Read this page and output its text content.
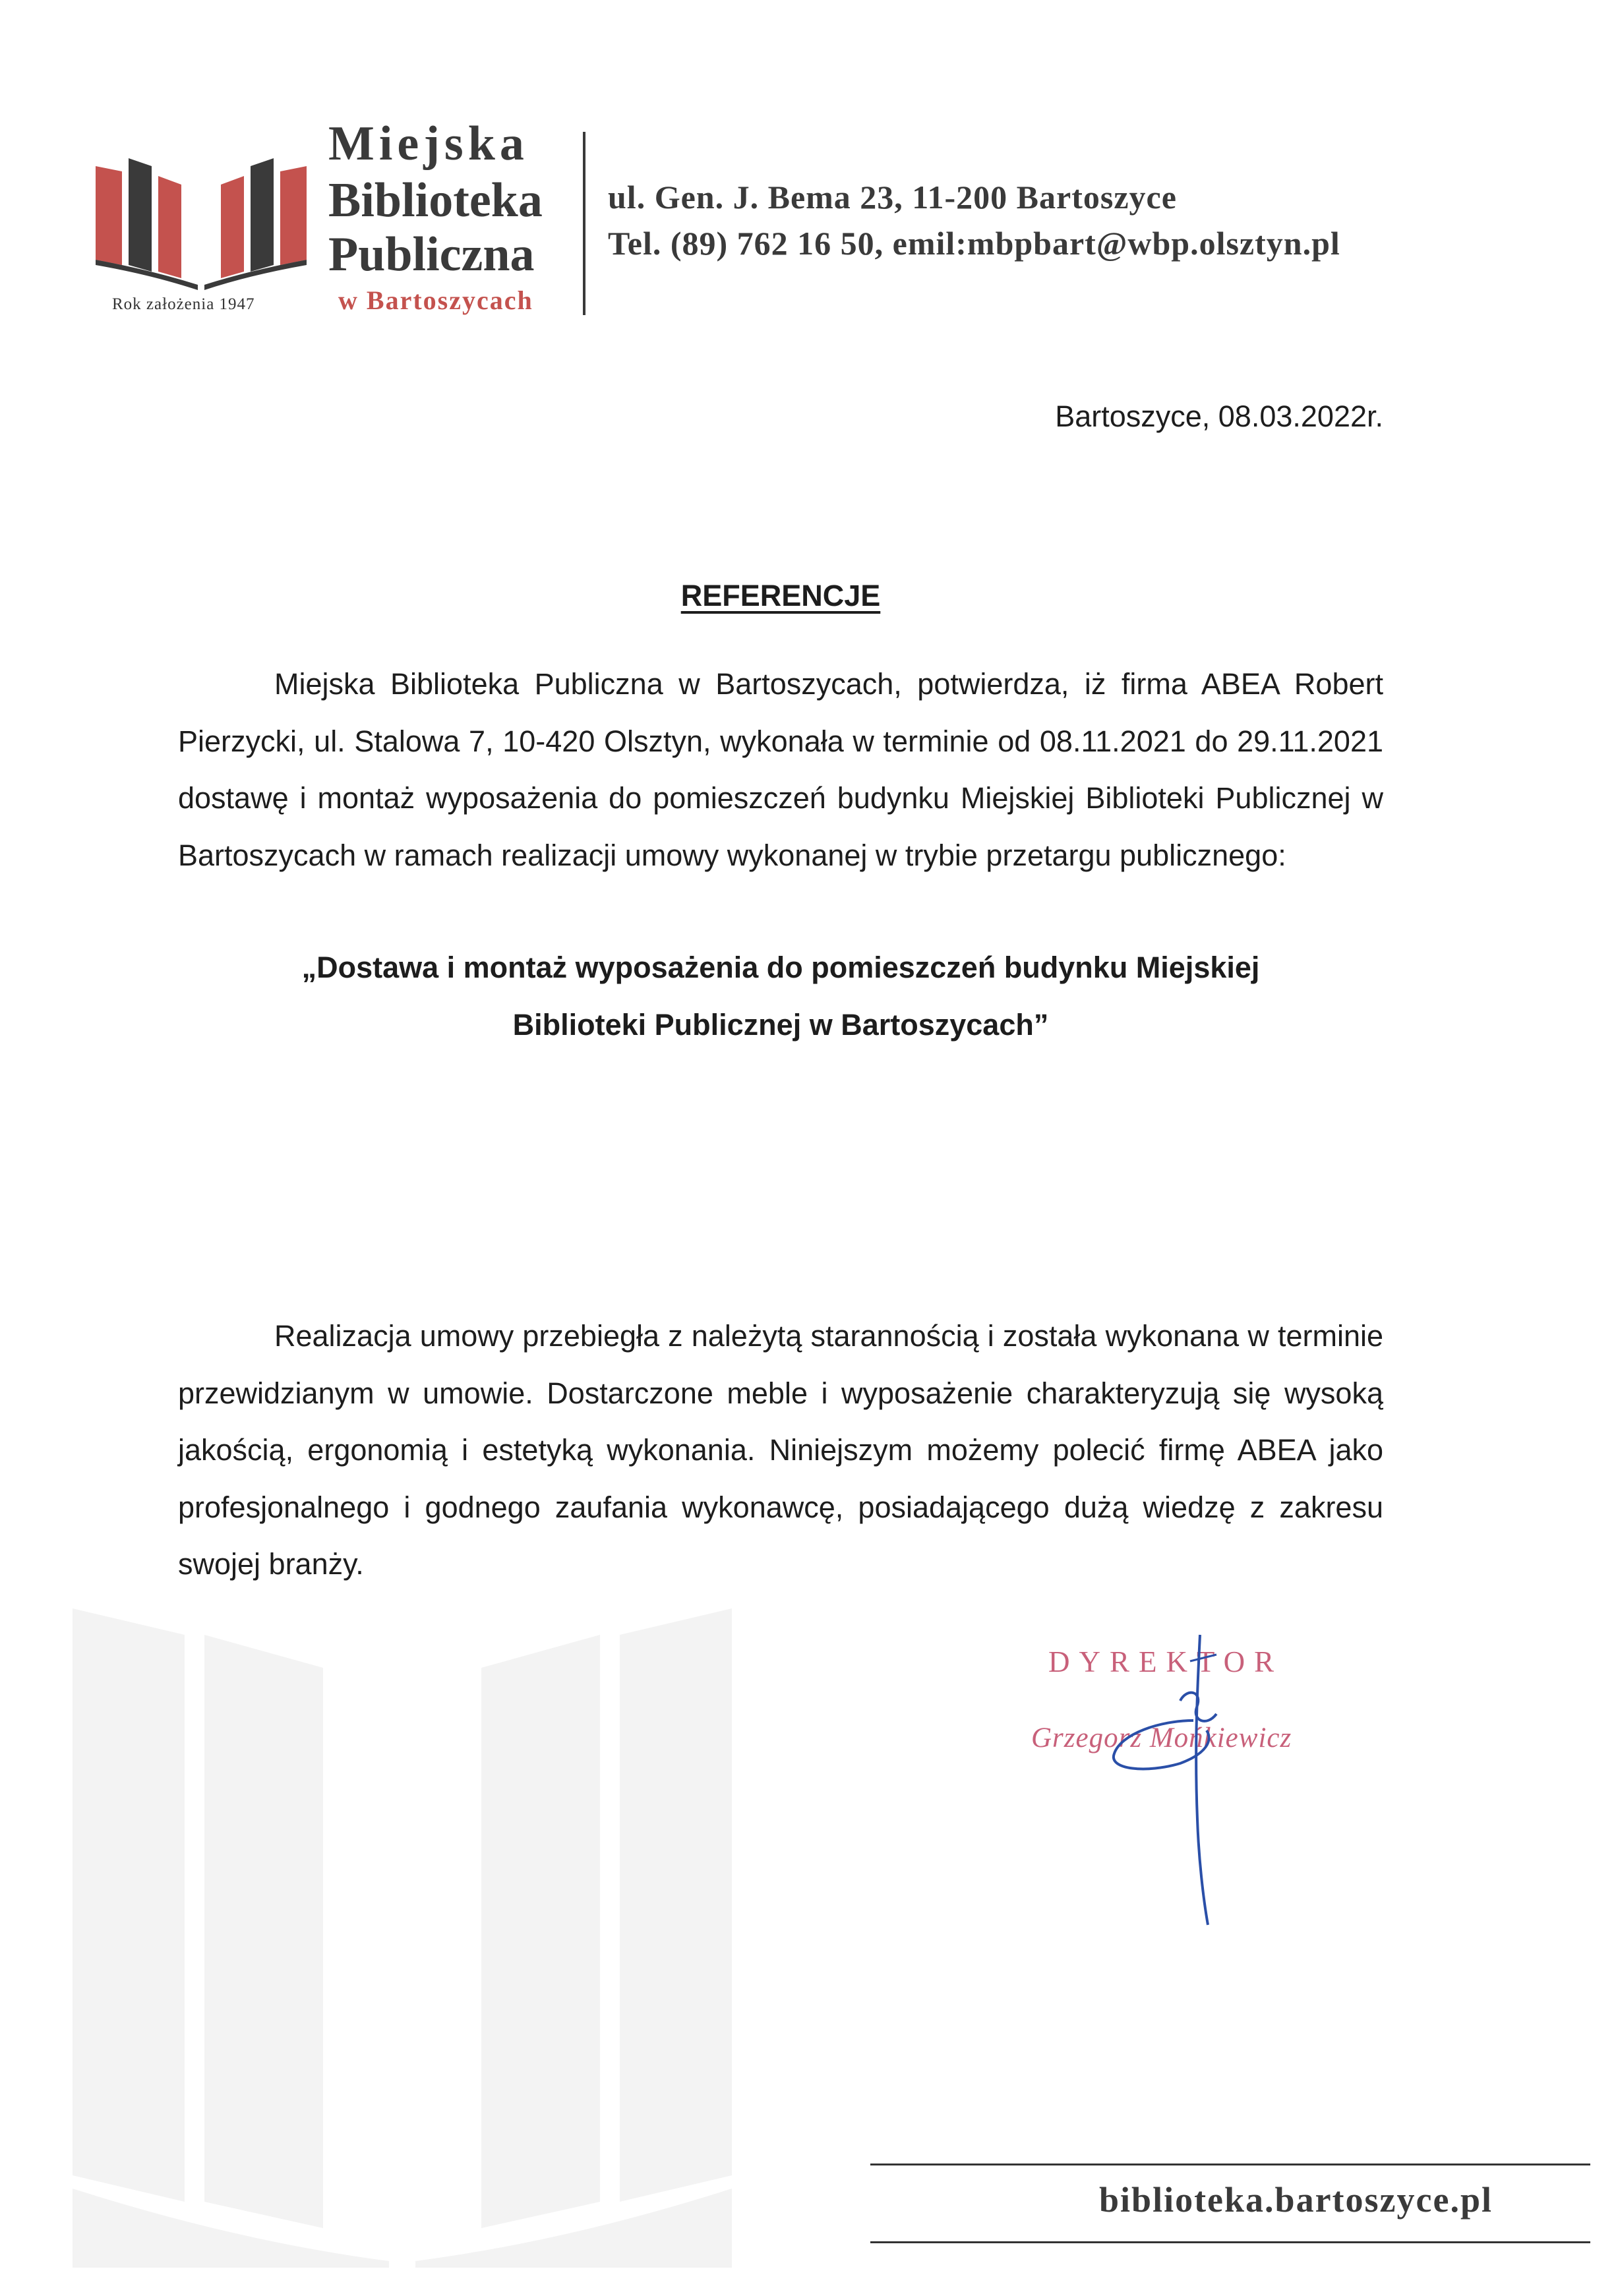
Rok założenia 1947
Miejska
Biblioteka
Publiczna
w Bartoszycach
ul. Gen. J. Bema 23, 11-200 Bartoszyce
Tel. (89) 762 16 50, emil:mbpbart@wbp.olsztyn.pl
Bartoszyce, 08.03.2022r.
REFERENCJE

Miejska Biblioteka Publiczna w Bartoszycach, potwierdza, iż firma ABEA Robert Pierzycki, ul. Stalowa 7, 10-420 Olsztyn, wykonała w terminie od 08.11.2021 do 29.11.2021 dostawę i montaż wyposażenia do pomieszczeń budynku Miejskiej Biblioteki Publicznej w Bartoszycach w ramach realizacji umowy wykonanej w trybie przetargu publicznego:

„Dostawa i montaż wyposażenia do pomieszczeń budynku Miejskiej
Biblioteki Publicznej w Bartoszycach”

Realizacja umowy przebiegła z należytą starannością i została wykonana w terminie przewidzianym w umowie. Dostarczone meble i wyposażenie charakteryzują się wysoką jakością, ergonomią i estetyką wykonania. Niniejszym możemy polecić firmę ABEA jako profesjonalnego i godnego zaufania wykonawcę, posiadającego dużą wiedzę z zakresu swojej branży.

DYREKTOR
Grzegorz Mońkiewicz
biblioteka.bartoszyce.pl
